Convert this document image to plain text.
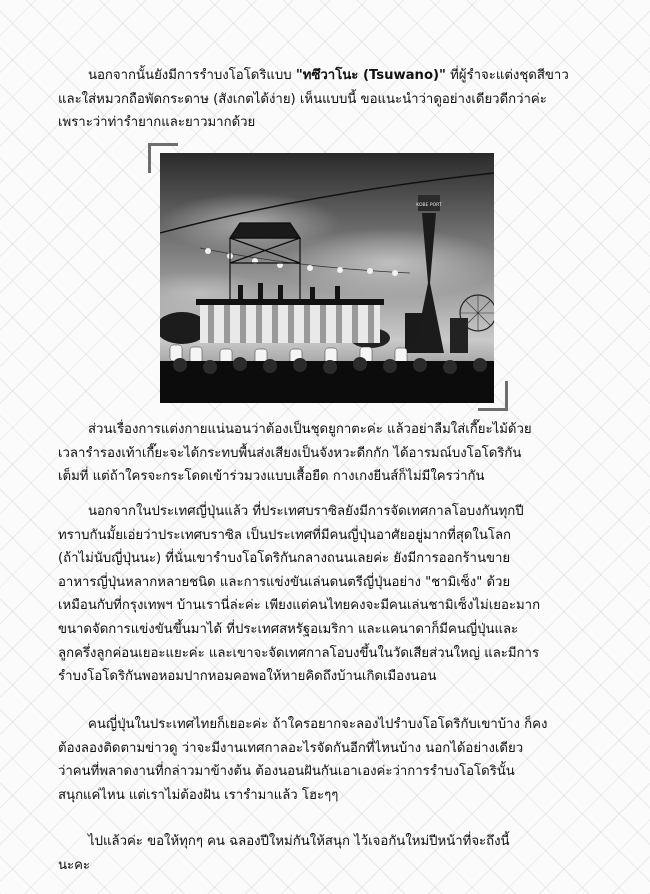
นอกจากนั้นยังมีการรำบงโอโดริแบบ "ทซึวาโนะ (Tsuwano)" ที่ผู้รำจะแต่งชุดสีขาว
และใส่หมวกถือพัดกระดาษ (สังเกตได้ง่าย) เห็นแบบนี้ ขอแนะนำว่าดูอย่างเดียวดีกว่าค่ะ
เพราะว่าท่ารำยากและยาวมากด้วย

KOBE PORT

ส่วนเรื่องการแต่งกายแน่นอนว่าต้องเป็นชุดยูกาตะค่ะ แล้วอย่าลืมใส่เกี๊ยะไม้ด้วย
เวลารำรองเท้าเกี๊ยะจะได้กระทบพื้นส่งเสียงเป็นจังหวะดีกกัก ได้อารมณ์บงโอโดริกัน
เต็มที่ แต่ถ้าใครจะกระโดดเข้าร่วมวงแบบเสื้อยืด กางเกงยีนส์ก็ไม่มีใครว่ากัน

นอกจากในประเทศญี่ปุ่นแล้ว ที่ประเทศบราซิลยังมีการจัดเทศกาลโอบงกันทุกปี
ทราบกันมั้ยเอ่ยว่าประเทศบราซิล เป็นประเทศที่มีคนญี่ปุ่นอาศัยอยู่มากที่สุดในโลก
(ถ้าไม่นับญี่ปุ่นนะ) ที่นั่นเขารำบงโอโดริกันกลางถนนเลยค่ะ ยังมีการออกร้านขาย
อาหารญี่ปุ่นหลากหลายชนิด และการแข่งขันเล่นดนตรีญี่ปุ่นอย่าง "ชามิเซ็ง" ด้วย
เหมือนกับที่กรุงเทพฯ บ้านเรานี่ล่ะค่ะ เพียงแต่คนไทยคงจะมีคนเล่นชามิเซ็งไม่เยอะมาก
ขนาดจัดการแข่งขันขึ้นมาได้ ที่ประเทศสหรัฐอเมริกา และแคนาดาก็มีคนญี่ปุ่นและ
ลูกครึ่งลูกค่อนเยอะแยะค่ะ และเขาจะจัดเทศกาลโอบงขึ้นในวัดเสียส่วนใหญ่ และมีการ
รำบงโอโดริกันพอหอมปากหอมคอพอให้หายคิดถึงบ้านเกิดเมืองนอน

คนญี่ปุ่นในประเทศไทยก็เยอะค่ะ ถ้าใครอยากจะลองไปรำบงโอโดริกับเขาบ้าง ก็คง
ต้องลองติดตามข่าวดู ว่าจะมีงานเทศกาลอะไรจัดกันอีกที่ไหนบ้าง นอกได้อย่างเดียว
ว่าคนที่พลาดงานที่กล่าวมาข้างต้น ต้องนอนฝันกันเอาเองค่ะว่าการรำบงโอโดรินั้น
สนุกแค่ไหน แต่เราไม่ต้องฝัน เรารำมาแล้ว โฮะๆๆ

ไปแล้วค่ะ ขอให้ทุกๆ คน ฉลองปีใหม่กันให้สนุก ไว้เจอกันใหม่ปีหน้าที่จะถึงนี้
นะคะ
